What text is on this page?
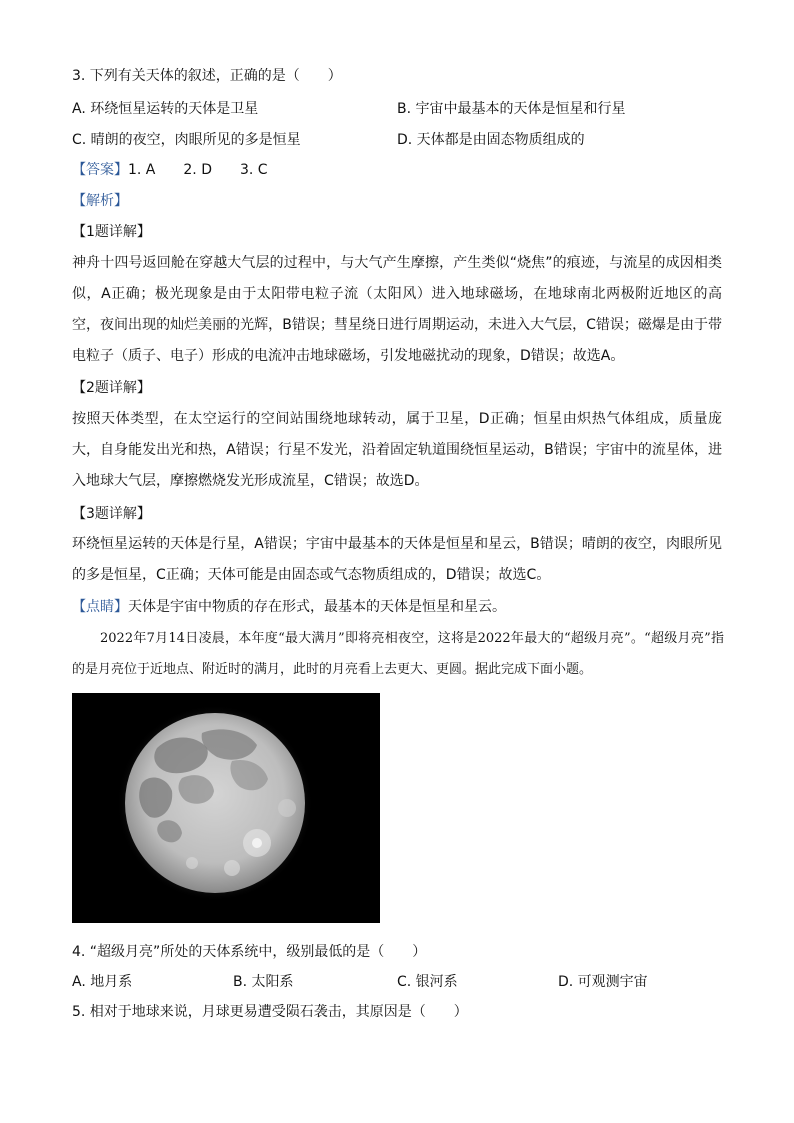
3. 下列有关天体的叙述，正确的是（　　）
A. 环绕恒星运转的天体是卫星	B. 宇宙中最基本的天体是恒星和行星
C. 晴朗的夜空，肉眼所见的多是恒星	D. 天体都是由固态物质组成的
【答案】1. A　　2. D　　3. C
【解析】
【1题详解】
神舟十四号返回舱在穿越大气层的过程中，与大气产生摩擦，产生类似“烧焦”的痕迹，与流星的成因相类似，A正确；极光现象是由于太阳带电粒子流（太阳风）进入地球磁场，在地球南北两极附近地区的高空，夜间出现的灿烂美丽的光辉，B错误；彗星绕日进行周期运动，未进入大气层，C错误；磁爆是由于带电粒子（质子、电子）形成的电流冲击地球磁场，引发地磁扰动的现象，D错误；故选A。
【2题详解】
按照天体类型，在太空运行的空间站围绕地球转动，属于卫星，D正确；恒星由炽热气体组成，质量庞大，自身能发出光和热，A错误；行星不发光，沿着固定轨道围绕恒星运动，B错误；宇宙中的流星体，进入地球大气层，摩擦燃烧发光形成流星，C错误；故选D。
【3题详解】
环绕恒星运转的天体是行星，A错误；宇宙中最基本的天体是恒星和星云，B错误；晴朗的夜空，肉眼所见的多是恒星，C正确；天体可能是由固态或气态物质组成的，D错误；故选C。
【点睛】天体是宇宙中物质的存在形式，最基本的天体是恒星和星云。
2022年7月14日凌晨，本年度“最大满月”即将亮相夜空，这将是2022年最大的“超级月亮”。“超级月亮”指的是月亮位于近地点、附近时的满月，此时的月亮看上去更大、更圆。据此完成下面小题。
4. “超级月亮”所处的天体系统中，级别最低的是（　　）
A. 地月系	B. 太阳系	C. 银河系	D. 可观测宇宙
5. 相对于地球来说，月球更易遭受陨石袭击，其原因是（　　）
